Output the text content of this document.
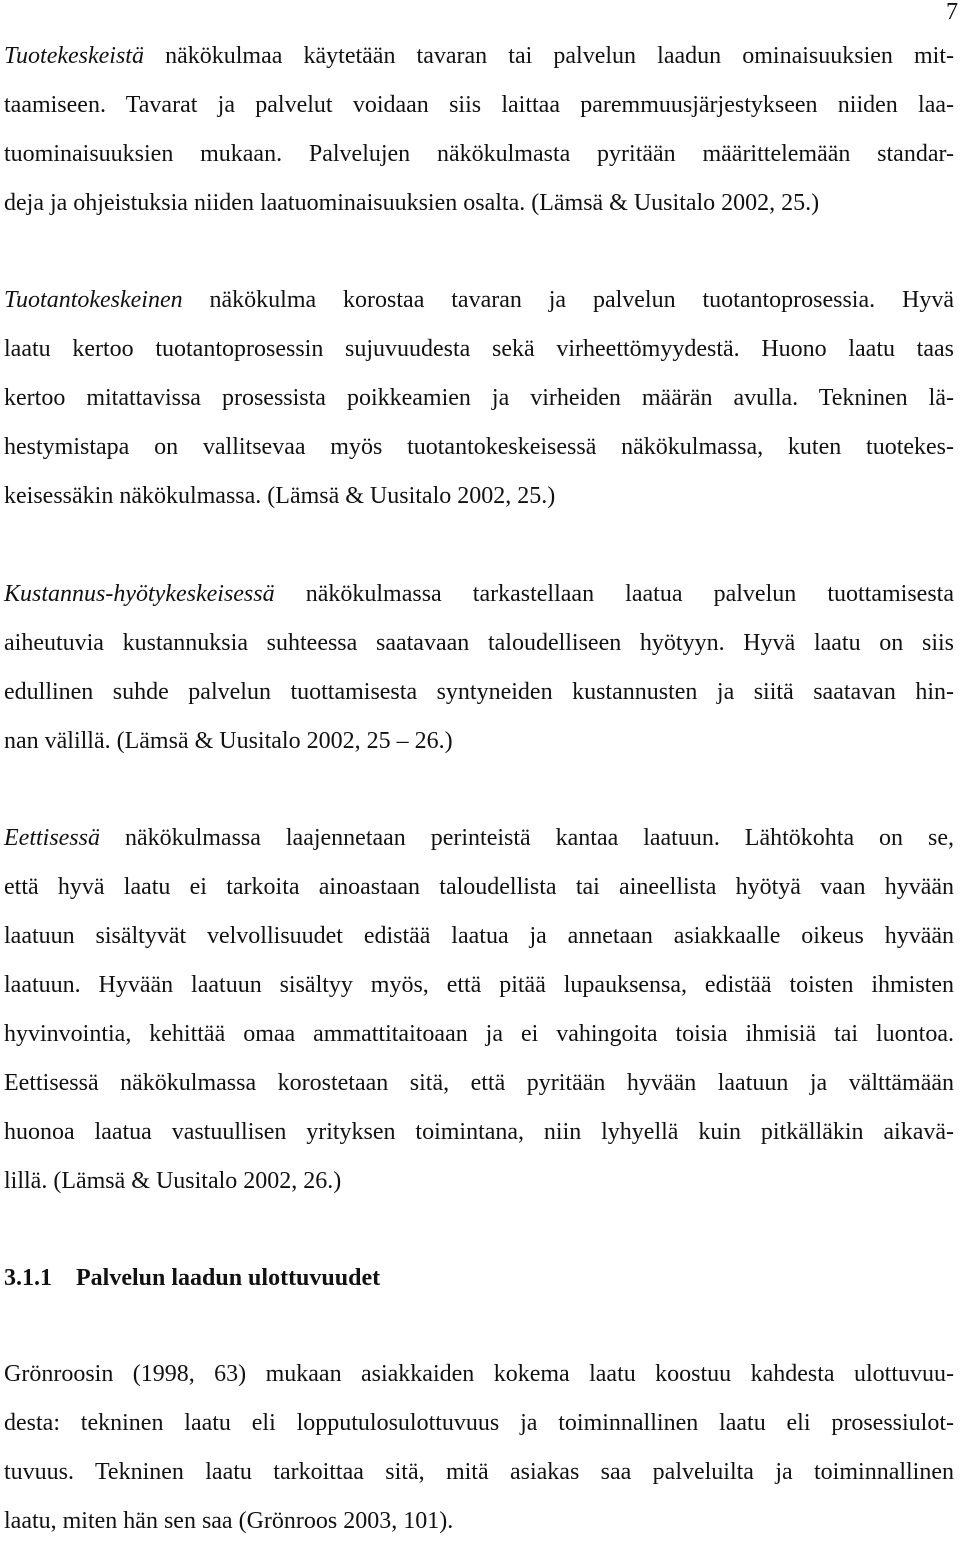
7
Tuotekeskeistä näkökulmaa käytetään tavaran tai palvelun laadun ominaisuuksien mit-
taamiseen. Tavarat ja palvelut voidaan siis laittaa paremmuusjärjestykseen niiden laa-
tuominaisuuksien mukaan. Palvelujen näkökulmasta pyritään määrittelemään standar-
deja ja ohjeistuksia niiden laatuominaisuuksien osalta. (Lämsä & Uusitalo 2002, 25.)
Tuotantokeskeinen näkökulma korostaa tavaran ja palvelun tuotantoprosessia. Hyvä
laatu kertoo tuotantoprosessin sujuvuudesta sekä virheettömyydestä. Huono laatu taas
kertoo mitattavissa prosessista poikkeamien ja virheiden määrän avulla. Tekninen lä-
hestymistapa on vallitsevaa myös tuotantokeskeisessä näkökulmassa, kuten tuotekes-
keisessäkin näkökulmassa. (Lämsä & Uusitalo 2002, 25.)
Kustannus-hyötykeskeisessä näkökulmassa tarkastellaan laatua palvelun tuottamisesta
aiheutuvia kustannuksia suhteessa saatavaan taloudelliseen hyötyyn. Hyvä laatu on siis
edullinen suhde palvelun tuottamisesta syntyneiden kustannusten ja siitä saatavan hin-
nan välillä. (Lämsä & Uusitalo 2002, 25 – 26.)
Eettisessä näkökulmassa laajennetaan perinteistä kantaa laatuun. Lähtökohta on se,
että hyvä laatu ei tarkoita ainoastaan taloudellista tai aineellista hyötyä vaan hyvään
laatuun sisältyvät velvollisuudet edistää laatua ja annetaan asiakkaalle oikeus hyvään
laatuun. Hyvään laatuun sisältyy myös, että pitää lupauksensa, edistää toisten ihmisten
hyvinvointia, kehittää omaa ammattitaitoaan ja ei vahingoita toisia ihmisiä tai luontoa.
Eettisessä näkökulmassa korostetaan sitä, että pyritään hyvään laatuun ja välttämään
huonoa laatua vastuullisen yrityksen toimintana, niin lyhyellä kuin pitkälläkin aikavä-
lillä. (Lämsä & Uusitalo 2002, 26.)
3.1.1 Palvelun laadun ulottuvuudet
Grönroosin (1998, 63) mukaan asiakkaiden kokema laatu koostuu kahdesta ulottuvuu-
desta: tekninen laatu eli lopputulosulottuvuus ja toiminnallinen laatu eli prosessiulot-
tuvuus. Tekninen laatu tarkoittaa sitä, mitä asiakas saa palveluilta ja toiminnallinen
laatu, miten hän sen saa (Grönroos 2003, 101).
